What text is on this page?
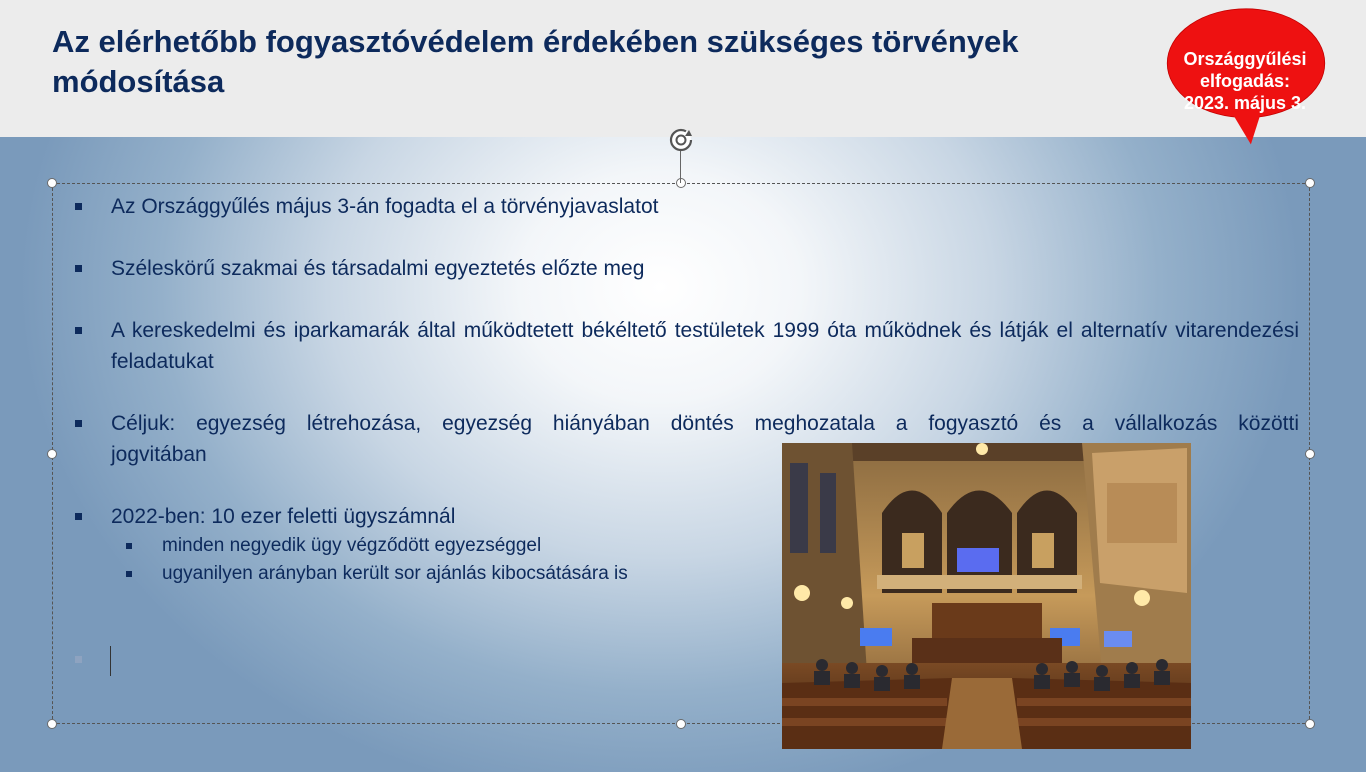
Az elérhetőbb fogyasztóvédelem érdekében szükséges törvények módosítása
Az Országgyűlés május 3-án fogadta el a törvényjavaslatot
Széleskörű szakmai és társadalmi egyeztetés előzte meg
A kereskedelmi és iparkamarák által működtetett békéltető testületek 1999 óta működnek és látják el alternatív vitarendezési feladatukat
Céljuk: egyezség létrehozása, egyezség hiányában döntés meghozatala a fogyasztó és a vállalkozás közötti
jogvitában
2022-ben: 10 ezer feletti ügyszámnál
minden negyedik ügy végződött egyezséggel
ugyanilyen arányban került sor ajánlás kibocsátására is

Országgyűlési
elfogadás:
2023. május 3.
